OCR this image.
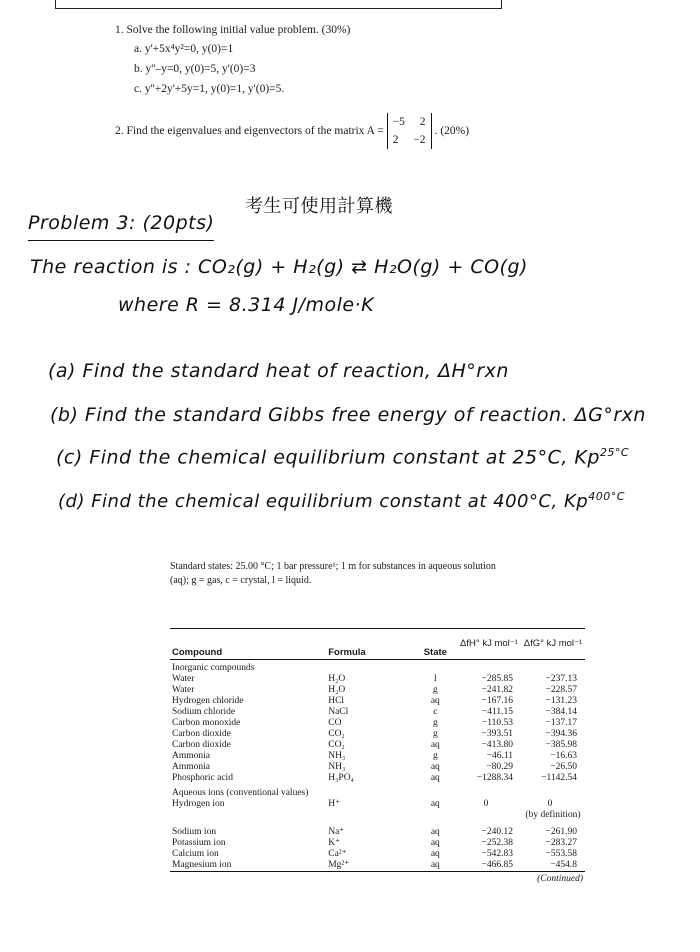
1. Solve the following initial value problem. (30%)
a. y'+5x⁴y²=0, y(0)=1
b. y''–y=0, y(0)=5, y'(0)=3
c. y''+2y'+5y=1, y(0)=1, y'(0)=5.
2. Find the eigenvalues and eigenvectors of the matrix A =
−5 2
2 −2
. (20%)
考生可使用計算機
Problem 3: (20pts)
The reaction is : CO₂(g) + H₂(g) ⇄ H₂O(g) + CO(g)
where R = 8.314 J/mole·K
(a) Find the standard heat of reaction, ΔH°rxn
(b) Find the standard Gibbs free energy of reaction. ΔG°rxn
(c) Find the chemical equilibrium constant at 25°C, $Kp^{25^\circ C}$
(d) Find the chemical equilibrium constant at 400°C, $Kp^{400^\circ C}$
Standard states: 25.00 °C; 1 bar pressure¹; 1 m for substances in aqueous solution
(aq); g = gas, c = crystal, l = liquid.
Compound	Formula	State	ΔfH° kJ mol⁻¹	ΔfG° kJ mol⁻¹
Inorganic compounds				
Water	H₂O	l	−285.85	−237.13
Water	H₂O	g	−241.82	−228.57
Hydrogen chloride	HCl	aq	−167.16	−131.23
Sodium chloride	NaCl	c	−411.15	−384.14
Carbon monoxide	CO	g	−110.53	−137.17
Carbon dioxide	CO₂	g	−393.51	−394.36
Carbon dioxide	CO₂	aq	−413.80	−385.98
Ammonia	NH₃	g	−46.11	−16.63
Ammonia	NH₃	aq	−80.29	−26.50
Phosphoric acid	H₃PO₄	aq	−1288.34	−1142.54
Aqueous ions (conventional values)				
Hydrogen ion	H⁺	aq	0	0
				(by definition)

Sodium ion	Na⁺	aq	−240.12	−261.90
Potassium ion	K⁺	aq	−252.38	−283.27
Calcium ion	Ca²⁺	aq	−542.83	−553.58
Magnesium ion	Mg²⁺	aq	−466.85	−454.8
(Continued)				
